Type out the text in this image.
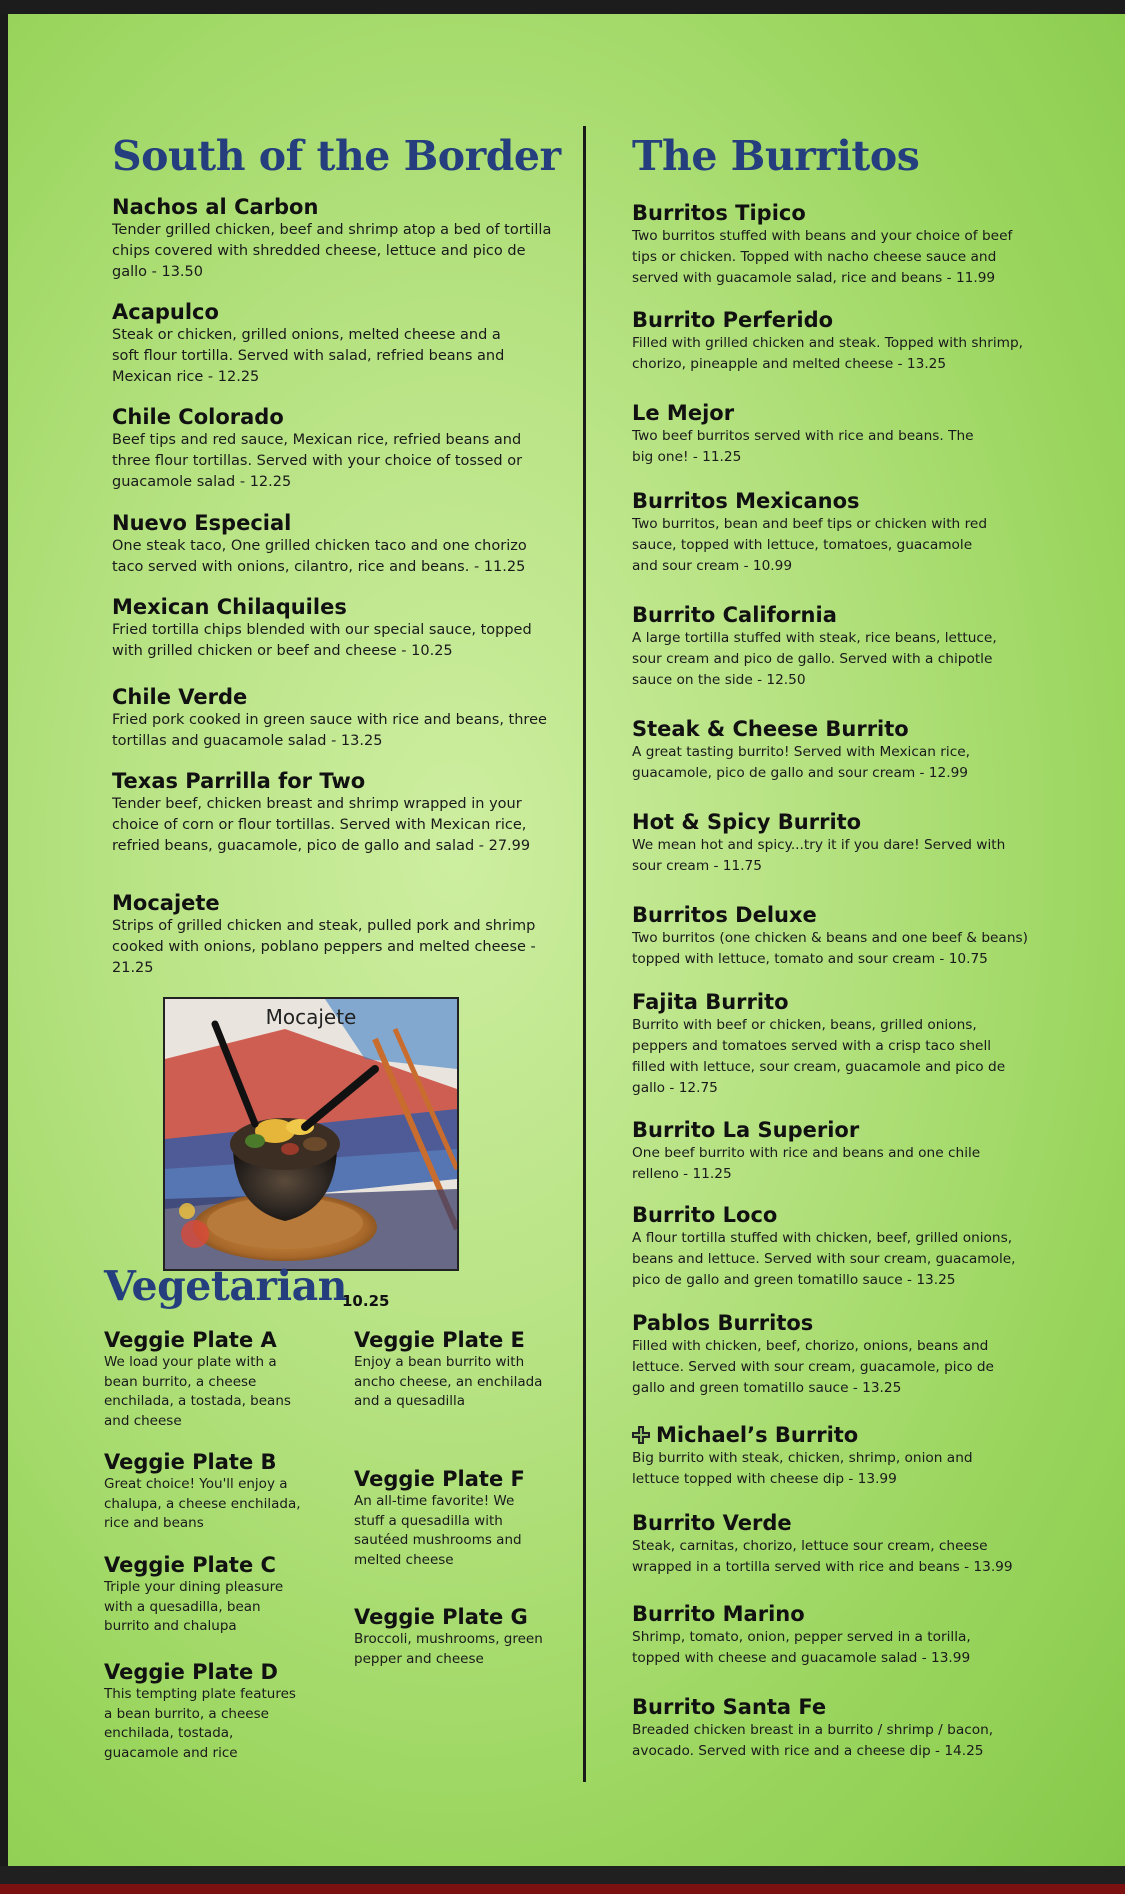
South of the Border
Nachos al Carbon
Tender grilled chicken, beef and shrimp atop a bed of tortilla chips covered with shredded cheese, lettuce and pico de gallo - 13.50
Acapulco
Steak or chicken, grilled onions, melted cheese and a soft flour tortilla. Served with salad, refried beans and Mexican rice - 12.25
Chile Colorado
Beef tips and red sauce, Mexican rice, refried beans and three flour tortillas. Served with your choice of tossed or guacamole salad - 12.25
Nuevo Especial
One steak taco, One grilled chicken taco and one chorizo taco served with onions, cilantro, rice and beans. - 11.25
Mexican Chilaquiles
Fried tortilla chips blended with our special sauce, topped with grilled chicken or beef and cheese - 10.25
Chile Verde
Fried pork cooked in green sauce with rice and beans, three tortillas and guacamole salad - 13.25
Texas Parrilla for Two
Tender beef, chicken breast and shrimp wrapped in your choice of corn or flour tortillas. Served with Mexican rice, refried beans, guacamole, pico de gallo and salad - 27.99
Mocajete
Strips of grilled chicken and steak, pulled pork and shrimp cooked with onions, poblano peppers and melted cheese - 21.25
Mocajete
Vegetarian
10.25
Veggie Plate A
We load your plate with a bean burrito, a cheese enchilada, a tostada, beans and cheese
Veggie Plate B
Great choice! You'll enjoy a chalupa, a cheese enchilada, rice and beans
Veggie Plate C
Triple your dining pleasure with a quesadilla, bean burrito and chalupa
Veggie Plate D
This tempting plate features a bean burrito, a cheese enchilada, tostada, guacamole and rice
Veggie Plate E
Enjoy a bean burrito with ancho cheese, an enchilada and a quesadilla
Veggie Plate F
An all-time favorite! We stuff a quesadilla with sautéed mushrooms and melted cheese
Veggie Plate G
Broccoli, mushrooms, green pepper and cheese
The Burritos
Burritos Tipico
Two burritos stuffed with beans and your choice of beef tips or chicken. Topped with nacho cheese sauce and served with guacamole salad, rice and beans - 11.99
Burrito Perferido
Filled with grilled chicken and steak. Topped with shrimp, chorizo, pineapple and melted cheese - 13.25
Le Mejor
Two beef burritos served with rice and beans. The big one! - 11.25
Burritos Mexicanos
Two burritos, bean and beef tips or chicken with red sauce, topped with lettuce, tomatoes, guacamole and sour cream - 10.99
Burrito California
A large tortilla stuffed with steak, rice beans, lettuce, sour cream and pico de gallo. Served with a chipotle sauce on the side - 12.50
Steak & Cheese Burrito
A great tasting burrito! Served with Mexican rice, guacamole, pico de gallo and sour cream - 12.99
Hot & Spicy Burrito
We mean hot and spicy...try it if you dare! Served with sour cream - 11.75
Burritos Deluxe
Two burritos (one chicken & beans and one beef & beans) topped with lettuce, tomato and sour cream - 10.75
Fajita Burrito
Burrito with beef or chicken, beans, grilled onions, peppers and tomatoes served with a crisp taco shell filled with lettuce, sour cream, guacamole and pico de gallo - 12.75
Burrito La Superior
One beef burrito with rice and beans and one chile relleno - 11.25
Burrito Loco
A flour tortilla stuffed with chicken, beef, grilled onions, beans and lettuce. Served with sour cream, guacamole, pico de gallo and green tomatillo sauce - 13.25
Pablos Burritos
Filled with chicken, beef, chorizo, onions, beans and lettuce. Served with sour cream, guacamole, pico de gallo and green tomatillo sauce - 13.25
Michael’s Burrito
Big burrito with steak, chicken, shrimp, onion and lettuce topped with cheese dip - 13.99
Burrito Verde
Steak, carnitas, chorizo, lettuce sour cream, cheese wrapped in a tortilla served with rice and beans - 13.99
Burrito Marino
Shrimp, tomato, onion, pepper served in a torilla, topped with cheese and guacamole salad - 13.99
Burrito Santa Fe
Breaded chicken breast in a burrito / shrimp / bacon, avocado. Served with rice and a cheese dip - 14.25
